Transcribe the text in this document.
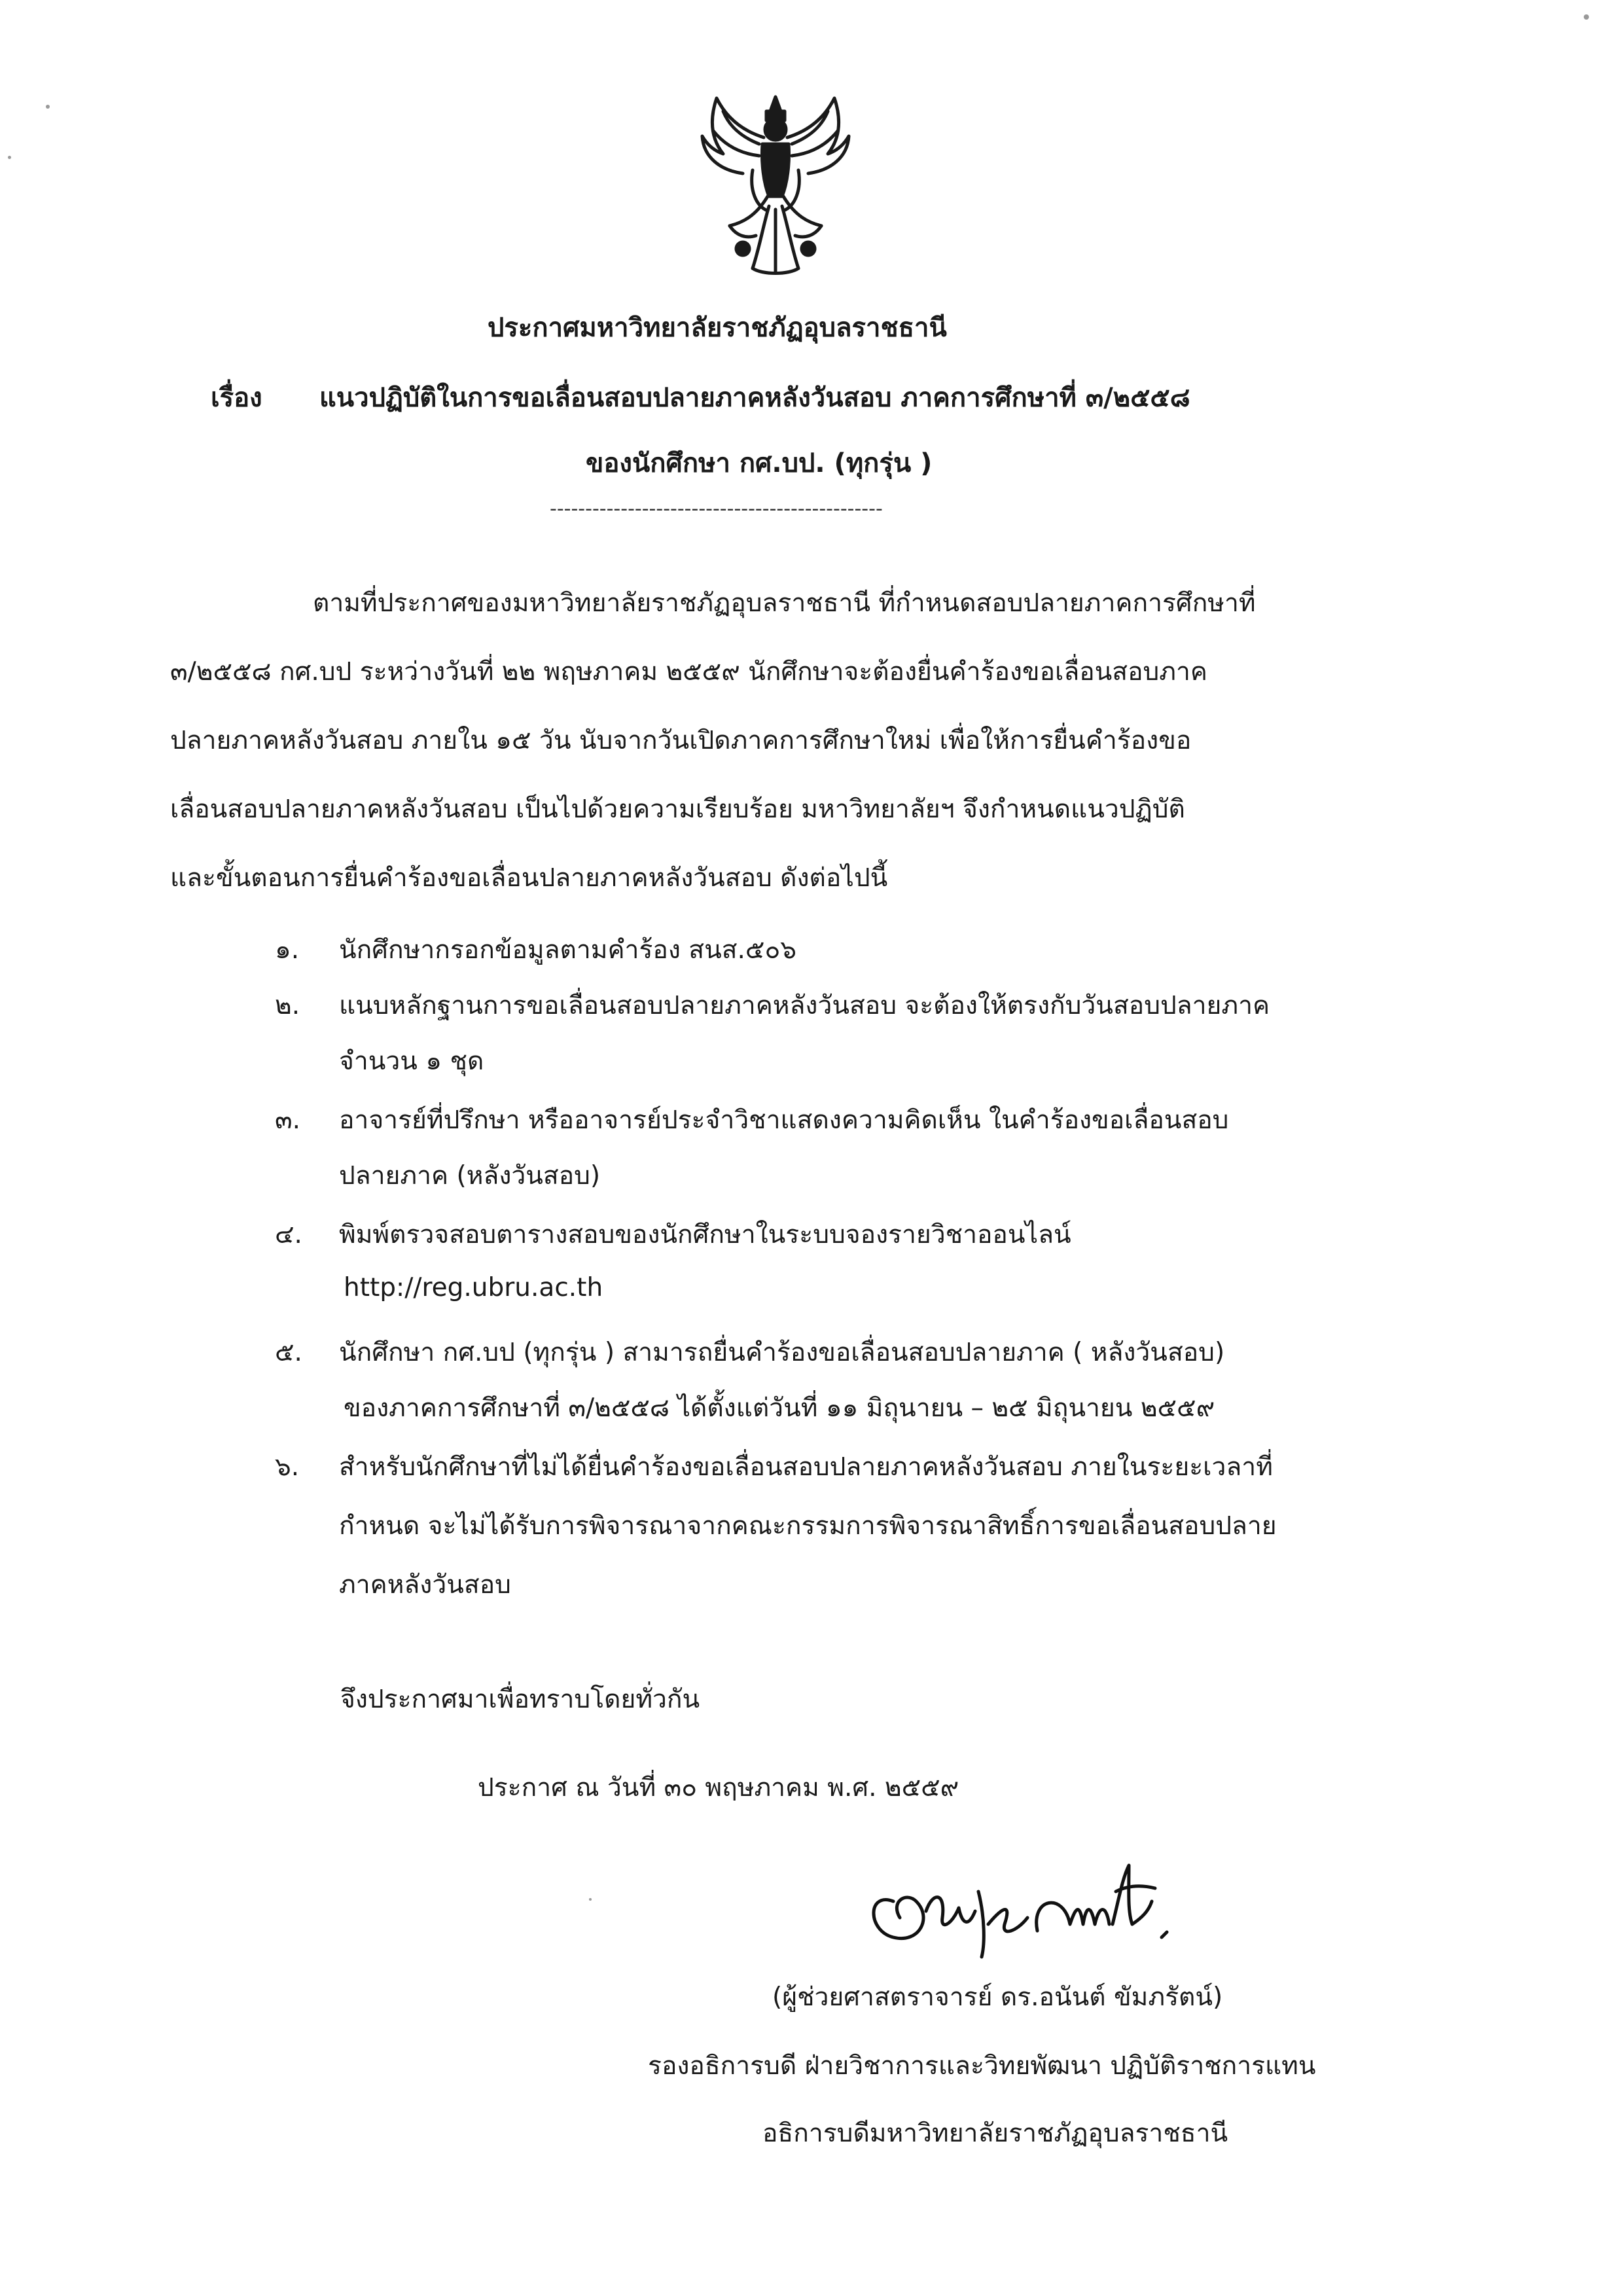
ประกาศมหาวิทยาลัยราชภัฏอุบลราชธานี
เรื่อง แนวปฏิบัติในการขอเลื่อนสอบปลายภาคหลังวันสอบ ภาคการศึกษาที่ ๓/๒๕๕๘
ของนักศึกษา กศ.บป. (ทุกรุ่น )
-----------------------------------------------
ตามที่ประกาศของมหาวิทยาลัยราชภัฏอุบลราชธานี ที่กำหนดสอบปลายภาคการศึกษาที่
๓/๒๕๕๘ กศ.บป ระหว่างวันที่ ๒๒ พฤษภาคม ๒๕๕๙ นักศึกษาจะต้องยื่นคำร้องขอเลื่อนสอบภาค
ปลายภาคหลังวันสอบ ภายใน ๑๕ วัน นับจากวันเปิดภาคการศึกษาใหม่ เพื่อให้การยื่นคำร้องขอ
เลื่อนสอบปลายภาคหลังวันสอบ เป็นไปด้วยความเรียบร้อย มหาวิทยาลัยฯ จึงกำหนดแนวปฏิบัติ
และขั้นตอนการยื่นคำร้องขอเลื่อนปลายภาคหลังวันสอบ ดังต่อไปนี้
๑. นักศึกษากรอกข้อมูลตามคำร้อง สนส.๕๐๖
๒. แนบหลักฐานการขอเลื่อนสอบปลายภาคหลังวันสอบ จะต้องให้ตรงกับวันสอบปลายภาค
จำนวน ๑ ชุด
๓. อาจารย์ที่ปรึกษา หรืออาจารย์ประจำวิชาแสดงความคิดเห็น ในคำร้องขอเลื่อนสอบ
ปลายภาค (หลังวันสอบ)
๔. พิมพ์ตรวจสอบตารางสอบของนักศึกษาในระบบจองรายวิชาออนไลน์
http://reg.ubru.ac.th
๕. นักศึกษา กศ.บป (ทุกรุ่น ) สามารถยื่นคำร้องขอเลื่อนสอบปลายภาค ( หลังวันสอบ)
ของภาคการศึกษาที่ ๓/๒๕๕๘ ได้ตั้งแต่วันที่ ๑๑ มิถุนายน – ๒๕ มิถุนายน ๒๕๕๙
๖. สำหรับนักศึกษาที่ไม่ได้ยื่นคำร้องขอเลื่อนสอบปลายภาคหลังวันสอบ ภายในระยะเวลาที่
กำหนด จะไม่ได้รับการพิจารณาจากคณะกรรมการพิจารณาสิทธิ์การขอเลื่อนสอบปลาย
ภาคหลังวันสอบ
จึงประกาศมาเพื่อทราบโดยทั่วกัน
ประกาศ ณ วันที่ ๓๐ พฤษภาคม พ.ศ. ๒๕๕๙
(ผู้ช่วยศาสตราจารย์ ดร.อนันต์ ขัมภรัตน์)
รองอธิการบดี ฝ่ายวิชาการและวิทยพัฒนา ปฏิบัติราชการแทน
อธิการบดีมหาวิทยาลัยราชภัฏอุบลราชธานี
